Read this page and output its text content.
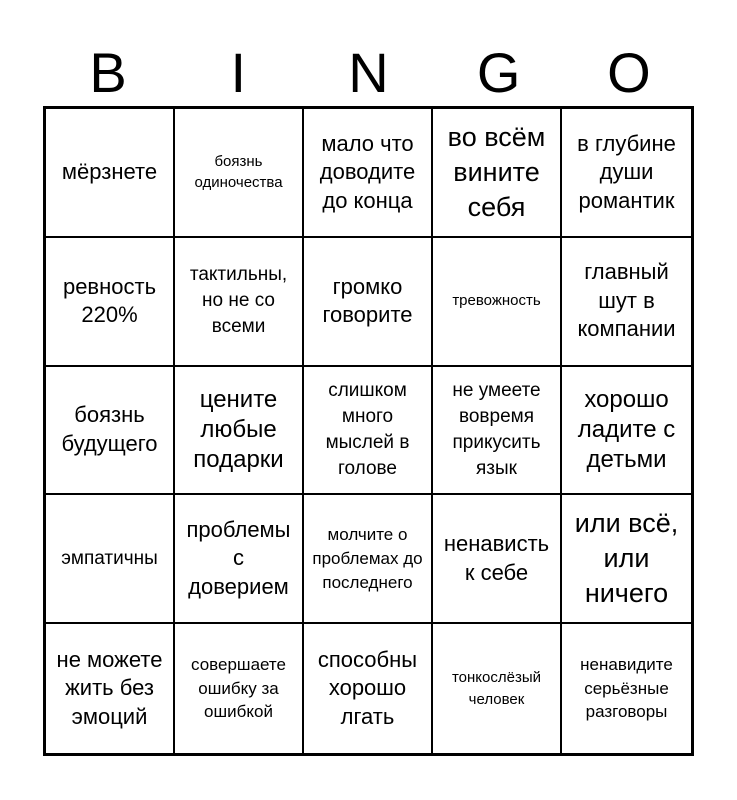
B	I	N	G	O
мёрзнете	боязнь одиночества
мало что доводите до конца
во всём вините себя
в глубине души романтик
ревность 220%
тактильны, но не со всеми
громко говорите
тревожность
главный шут в компании
боязнь будущего
цените любые подарки
слишком много мыслей в голове
не умеете вовремя прикусить язык
хорошо ладите с детьми
эмпатичны
проблемы с доверием
молчите о проблемах до последнего
ненависть к себе
или всё, или ничего
не можете жить без эмоций
совершаете ошибку за ошибкой
способны хорошо лгать
тонкослёзый человек
ненавидите серьёзные разговоры
